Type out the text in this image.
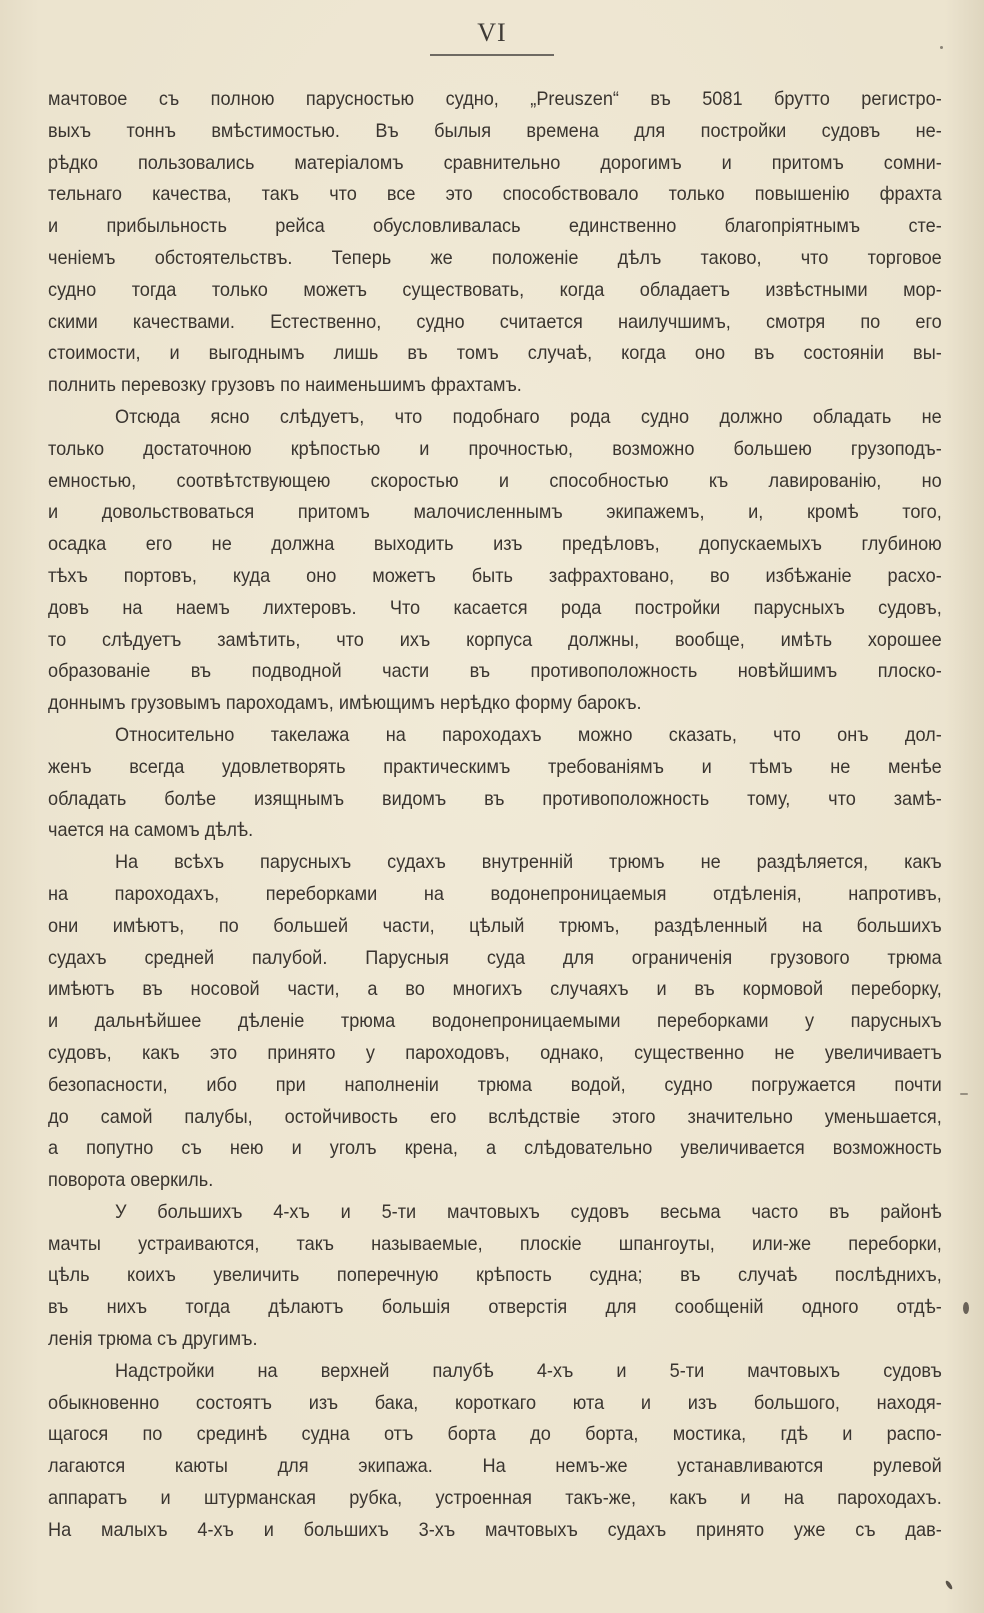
VI
мачтовое съ полною парусностью судно, „Preuszen“ въ 5081 брутто регистро-
выхъ тоннъ вмѣстимостью. Въ былыя времена для постройки судовъ не-
рѣдко пользовались матеріаломъ сравнительно дорогимъ и притомъ сомни-
тельнаго качества, такъ что все это способствовало только повышенію фрахта
и прибыльность рейса обусловливалась единственно благопріятнымъ сте-
ченіемъ обстоятельствъ. Теперь же положеніе дѣлъ таково, что торговое
судно тогда только можетъ существовать, когда обладаетъ извѣстными мор-
скими качествами. Естественно, судно считается наилучшимъ, смотря по его
стоимости, и выгоднымъ лишь въ томъ случаѣ, когда оно въ состояніи вы-
полнить перевозку грузовъ по наименьшимъ фрахтамъ.
Отсюда ясно слѣдуетъ, что подобнаго рода судно должно обладать не
только достаточною крѣпостью и прочностью, возможно большею грузоподъ-
емностью, соотвѣтствующею скоростью и способностью къ лавированію, но
и довольствоваться притомъ малочисленнымъ экипажемъ, и, кромѣ того,
осадка его не должна выходить изъ предѣловъ, допускаемыхъ глубиною
тѣхъ портовъ, куда оно можетъ быть зафрахтовано, во избѣжаніе расхо-
довъ на наемъ лихтеровъ. Что касается рода постройки парусныхъ судовъ,
то слѣдуетъ замѣтить, что ихъ корпуса должны, вообще, имѣть хорошее
образованіе въ подводной части въ противоположность новѣйшимъ плоско-
доннымъ грузовымъ пароходамъ, имѣющимъ нерѣдко форму барокъ.
Относительно такелажа на пароходахъ можно сказать, что онъ дол-
женъ всегда удовлетворять практическимъ требованіямъ и тѣмъ не менѣе
обладать болѣе изящнымъ видомъ въ противоположность тому, что замѣ-
чается на самомъ дѣлѣ.
На всѣхъ парусныхъ судахъ внутренній трюмъ не раздѣляется, какъ
на пароходахъ, переборками на водонепроницаемыя отдѣленія, напротивъ,
они имѣютъ, по большей части, цѣлый трюмъ, раздѣленный на большихъ
судахъ средней палубой. Парусныя суда для ограниченія грузового трюма
имѣютъ въ носовой части, а во многихъ случаяхъ и въ кормовой переборку,
и дальнѣйшее дѣленіе трюма водонепроницаемыми переборками у парусныхъ
судовъ, какъ это принято у пароходовъ, однако, существенно не увеличиваетъ
безопасности, ибо при наполненіи трюма водой, судно погружается почти
до самой палубы, остойчивость его вслѣдствіе этого значительно уменьшается,
а попутно съ нею и уголъ крена, а слѣдовательно увеличивается возможность
поворота оверкиль.
У большихъ 4-хъ и 5-ти мачтовыхъ судовъ весьма часто въ районѣ
мачты устраиваются, такъ называемые, плоскіе шпангоуты, или-же переборки,
цѣль коихъ увеличить поперечную крѣпость судна; въ случаѣ послѣднихъ,
въ нихъ тогда дѣлаютъ большія отверстія для сообщеній одного отдѣ-
ленія трюма съ другимъ.
Надстройки на верхней палубѣ 4-хъ и 5-ти мачтовыхъ судовъ
обыкновенно состоятъ изъ бака, короткаго юта и изъ большого, находя-
щагося по срединѣ судна отъ борта до борта, мостика, гдѣ и распо-
лагаются каюты для экипажа. На немъ-же устанавливаются рулевой
аппаратъ и штурманская рубка, устроенная такъ-же, какъ и на пароходахъ.
На малыхъ 4-хъ и большихъ 3-хъ мачтовыхъ судахъ принято уже съ дав-
